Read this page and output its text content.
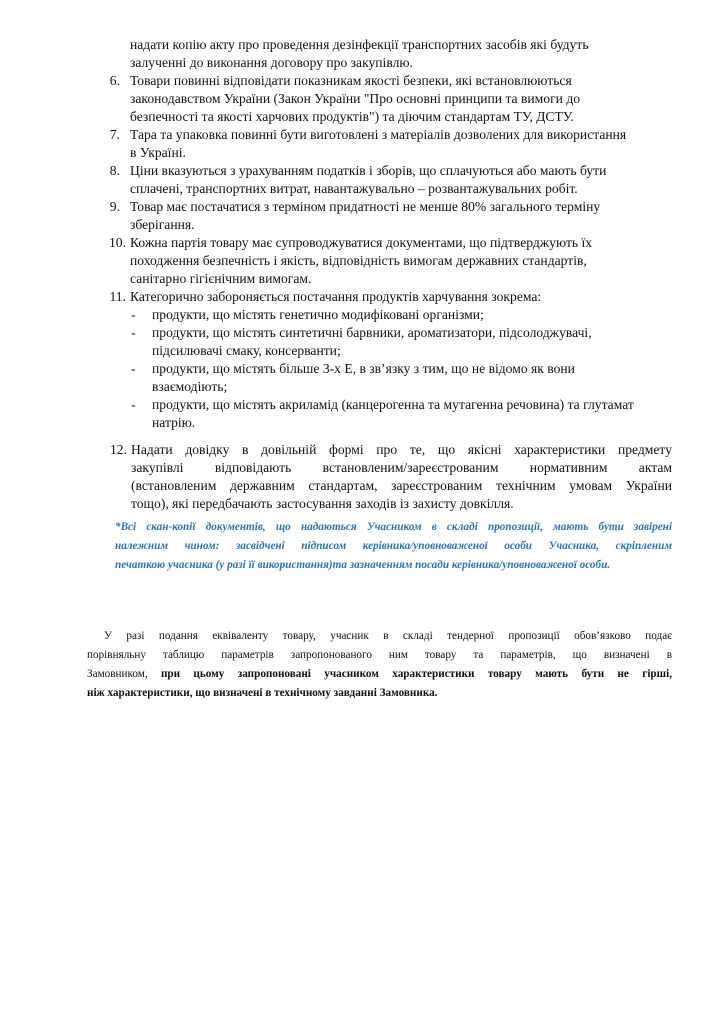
надати копію акту про проведення дезінфекції транспортних засобів які будуть
залученні до виконання договору про закупівлю.
6. Товари повинні відповідати показникам якості безпеки, які встановлюються
законодавством України (Закон України "Про основні принципи та вимоги до
безпечності та якості харчових продуктів") та діючим стандартам ТУ, ДСТУ.
7. Тара та упаковка повинні бути виготовлені з матеріалів дозволених для використання
в Україні.
8. Ціни вказуються з урахуванням податків і зборів, що сплачуються або мають бути
сплачені, транспортних витрат, навантажувально – розвантажувальних робіт.
9. Товар має постачатися з терміном придатності не менше 80% загального терміну
зберігання.
10. Кожна партія товару має супроводжуватися документами, що підтверджують їх
походження безпечність і якість, відповідність вимогам державних стандартів,
санітарно гігієнічним вимогам.
11. Категорично забороняється постачання продуктів харчування зокрема:
- продукти, що містять генетично модифіковані організми;
- продукти, що містять синтетичні барвники, ароматизатори, підсолоджувачі,
підсилювачі смаку, консерванти;
- продукти, що містять більше 3-х Е, в зв’язку з тим, що не відомо як вони
взаємодіють;
- продукти, що містять акриламід (канцерогенна та мутагенна речовина) та глутамат
натрію.
12. Надати довідку в довільній формі про те, що якісні характеристики предмету
закупівлі відповідають встановленим/зареєстрованим нормативним актам
(встановленим державним стандартам, зареєстрованим технічним умовам України
тощо), які передбачають застосування заходів із захисту довкілля.
*Всі скан-копії документів, що надаються Учасником в складі пропозиції, мають бути завірені
належним чином: засвідчені підписом керівника/уповноваженої особи Учасника, скріпленим
печаткою учасника (у разі її використання)та зазначенням посади керівника/уповноваженої особи.
У разі подання еквіваленту товару, учасник в складі тендерної пропозиції обов’язково подає
порівняльну таблицю параметрів запропонованого ним товару та параметрів, що визначені в
Замовником, при цьому запропоновані учасником характеристики товару мають бути не гірші,
ніж характеристики, що визначені в технічному завданні Замовника.
